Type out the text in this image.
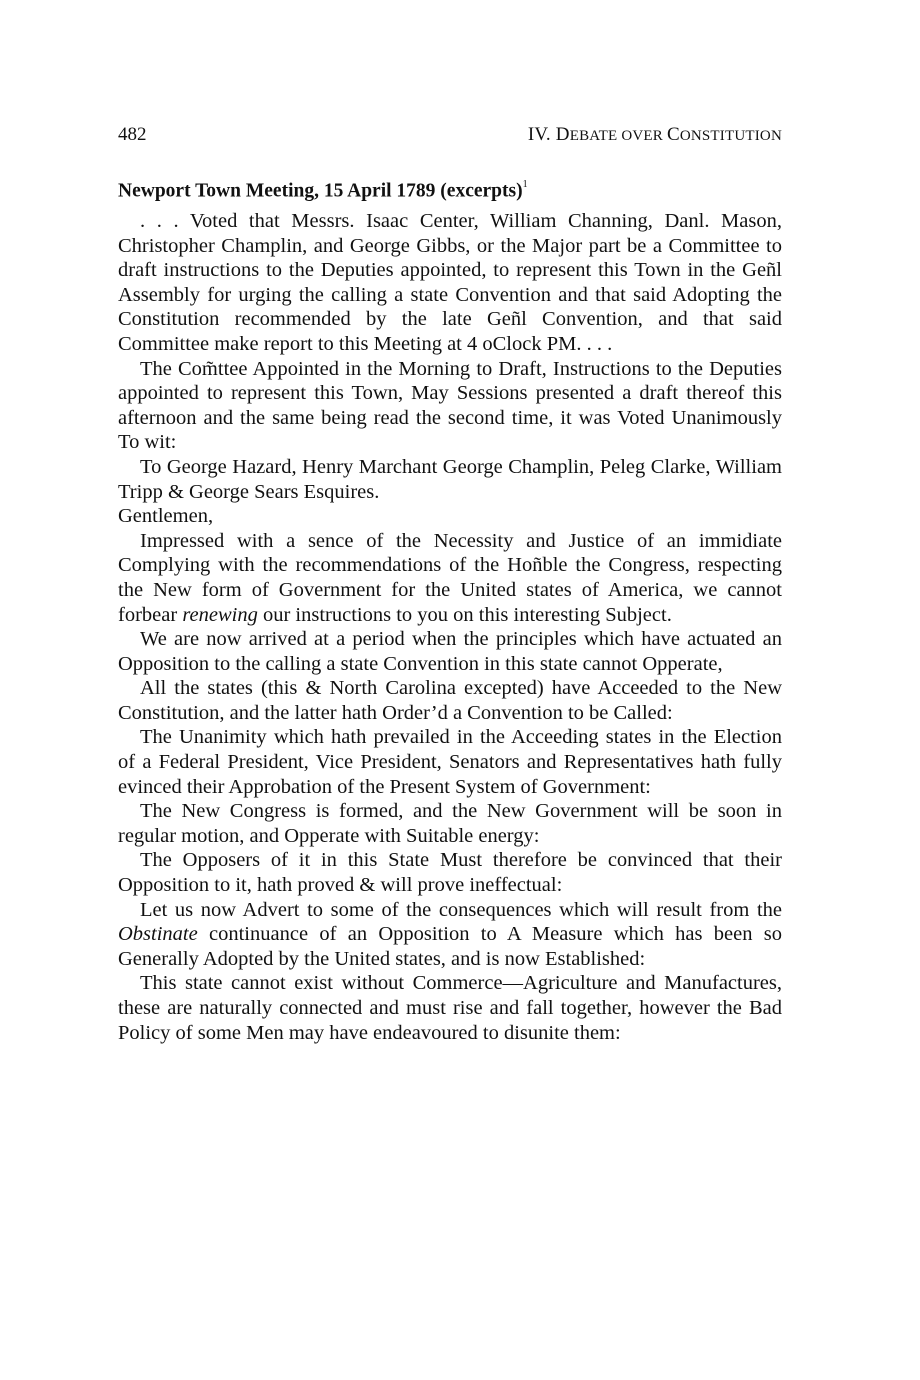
482	IV. DEBATE OVER CONSTITUTION
Newport Town Meeting, 15 April 1789 (excerpts)$^1$

. . . Voted that Messrs. Isaac Center, William Channing, Danl. Mason, Christopher Champlin, and George Gibbs, or the Major part be a Committee to draft instructions to the Deputies appointed, to represent this Town in the Geñl Assembly for urging the calling a state Convention and that said Adopting the Constitution recommended by the late Geñl Convention, and that said Committee make report to this Meeting at 4 oClock PM. . . .

The Com̃ttee Appointed in the Morning to Draft, Instructions to the Deputies appointed to represent this Town, May Sessions presented a draft thereof this afternoon and the same being read the second time, it was Voted Unanimously To wit:

To George Hazard, Henry Marchant George Champlin, Peleg Clarke, William Tripp & George Sears Esquires.

Gentlemen,

Impressed with a sence of the Necessity and Justice of an immidiate Complying with the recommendations of the Hoñble the Congress, respecting the New form of Government for the United states of America, we cannot forbear renewing our instructions to you on this interesting Subject.

We are now arrived at a period when the principles which have actuated an Opposition to the calling a state Convention in this state cannot Opperate,

All the states (this & North Carolina excepted) have Acceeded to the New Constitution, and the latter hath Order’d a Convention to be Called:

The Unanimity which hath prevailed in the Acceeding states in the Election of a Federal President, Vice President, Senators and Representatives hath fully evinced their Approbation of the Present System of Government:

The New Congress is formed, and the New Government will be soon in regular motion, and Opperate with Suitable energy:

The Opposers of it in this State Must therefore be convinced that their Opposition to it, hath proved & will prove ineffectual:

Let us now Advert to some of the consequences which will result from the Obstinate continuance of an Opposition to A Measure which has been so Generally Adopted by the United states, and is now Established:

This state cannot exist without Commerce—Agriculture and Manufactures, these are naturally connected and must rise and fall together, however the Bad Policy of some Men may have endeavoured to disunite them:
